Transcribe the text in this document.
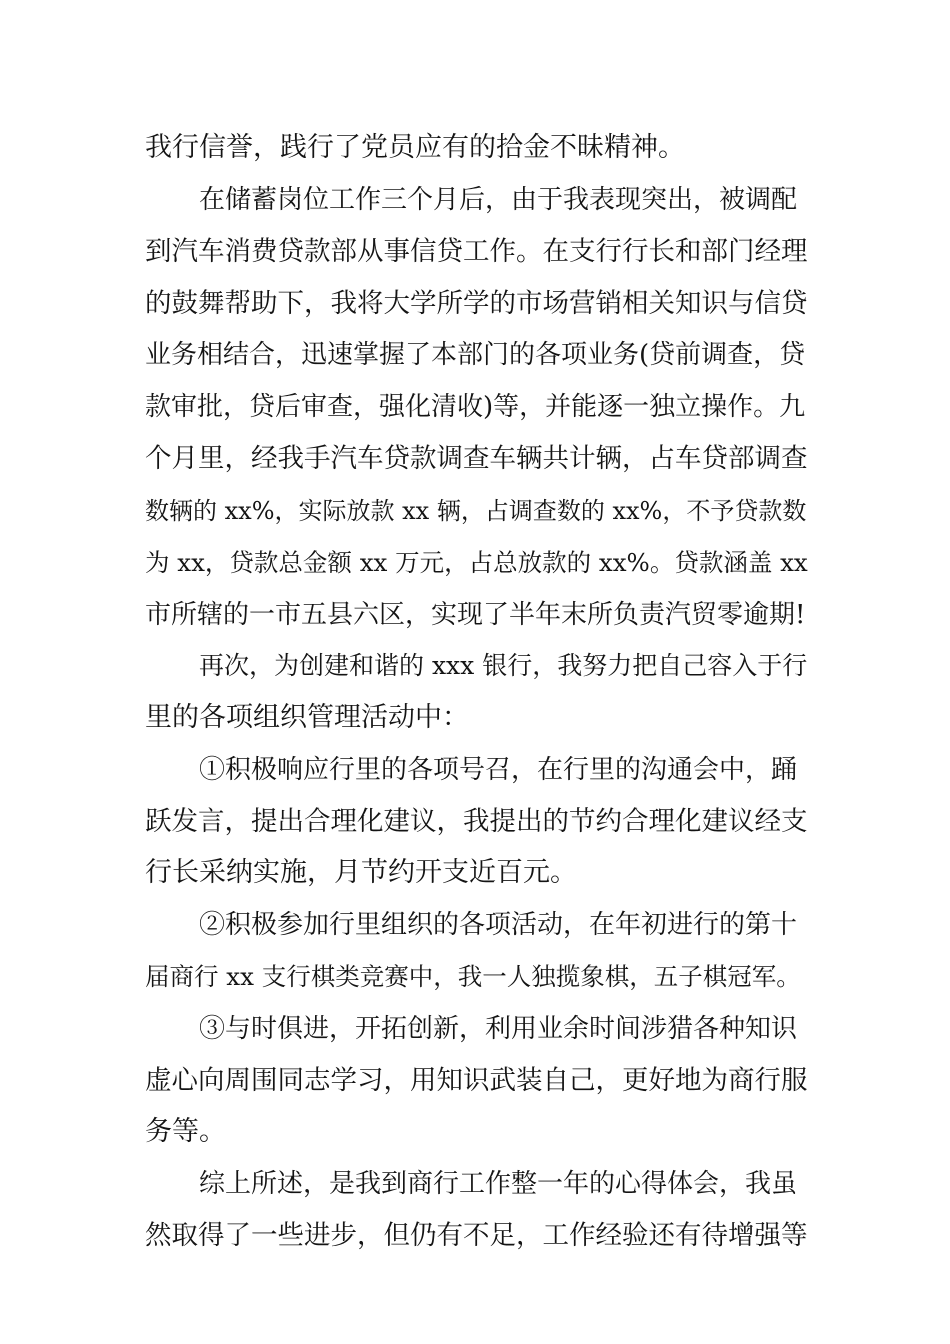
我行信誉，践行了党员应有的拾金不昧精神。

在储蓄岗位工作三个月后，由于我表现突出，被调配

到汽车消费贷款部从事信贷工作。在支行行长和部门经理

的鼓舞帮助下，我将大学所学的市场营销相关知识与信贷

业务相结合，迅速掌握了本部门的各项业务(贷前调查，贷

款审批，贷后审查，强化清收)等，并能逐一独立操作。九

个月里，经我手汽车贷款调查车辆共计辆，占车贷部调查

数辆的 xx%，实际放款 xx 辆，占调查数的 xx%，不予贷款数

为 xx，贷款总金额 xx 万元，占总放款的 xx%。贷款涵盖 xx

市所辖的一市五县六区，实现了半年末所负责汽贸零逾期!

再次，为创建和谐的 xxx 银行，我努力把自己容入于行

里的各项组织管理活动中：

①积极响应行里的各项号召，在行里的沟通会中，踊

跃发言，提出合理化建议，我提出的节约合理化建议经支

行长采纳实施，月节约开支近百元。

②积极参加行里组织的各项活动，在年初进行的第十

届商行 xx 支行棋类竞赛中，我一人独揽象棋，五子棋冠军。

③与时俱进，开拓创新，利用业余时间涉猎各种知识

虚心向周围同志学习，用知识武装自己，更好地为商行服

务等。

综上所述，是我到商行工作整一年的心得体会，我虽

然取得了一些进步，但仍有不足，工作经验还有待增强等
